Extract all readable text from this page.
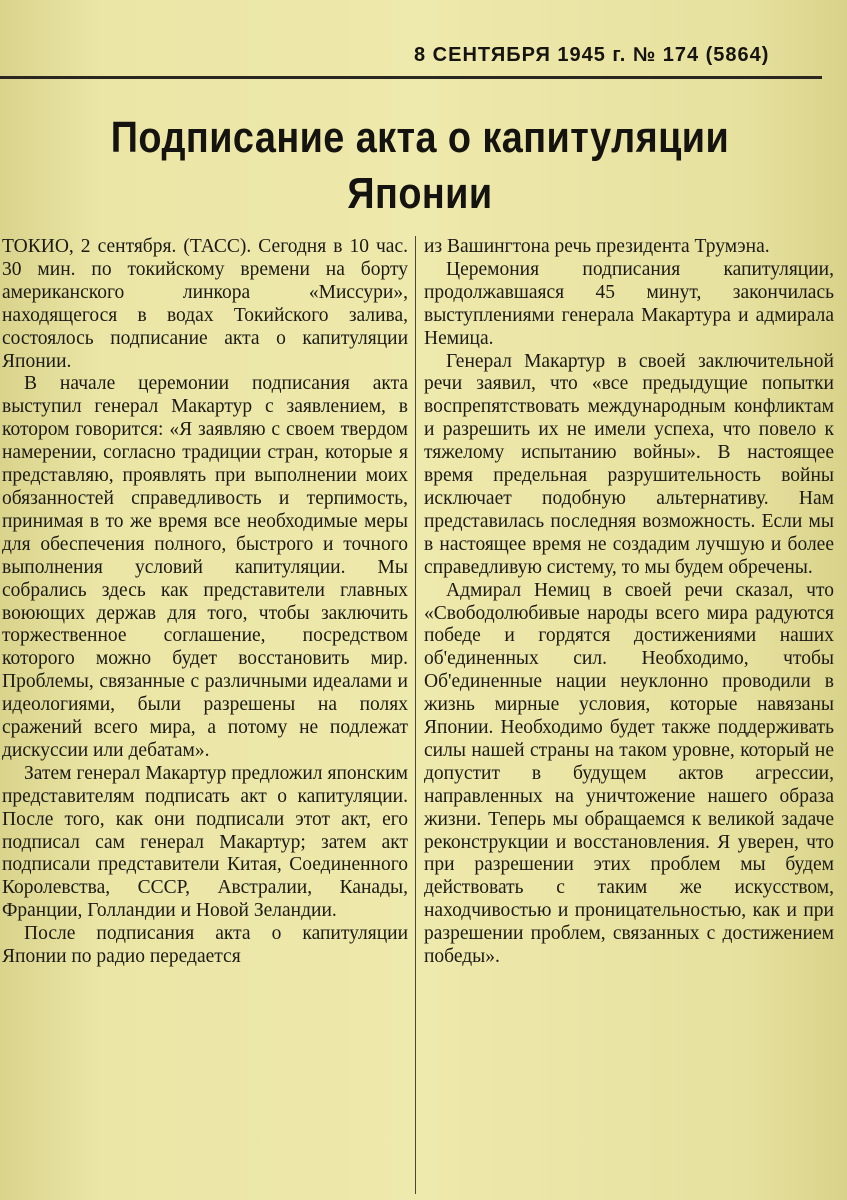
8 СЕНТЯБРЯ 1945 г. № 174 (5864)
Подписание акта о капитуляции Японии

ТОКИО, 2 сентября. (ТАСС). Сегодня в 10 час. 30 мин. по токийскому времени на борту американского линкора «Миссури», находящегося в водах Токийского залива, состоялось подписание акта о капитуляции Японии.

В начале церемонии подписания акта выступил генерал Макартур с заявлением, в котором говорится: «Я заявляю с своем твердом намерении, согласно традиции стран, которые я представляю, проявлять при выполнении моих обязанностей справедливость и терпимость, принимая в то же время все необходимые меры для обеспечения полного, быстрого и точного выполнения условий капитуляции. Мы собрались здесь как представители главных воюющих держав для того, чтобы заключить торжественное соглашение, посредством которого можно будет восстановить мир. Проблемы, связанные с различными идеалами и идеологиями, были разрешены на полях сражений всего мира, а потому не подлежат дискуссии или дебатам».

Затем генерал Макартур предложил японским представителям подписать акт о капитуляции. После того, как они подписали этот акт, его подписал сам генерал Макартур; затем акт подписали представители Китая, Соединенного Королевства, СССР, Австралии, Канады, Франции, Голландии и Новой Зеландии.

После подписания акта о капитуляции Японии по радио передается

из Вашингтона речь президента Трумэна.

Церемония подписания капитуляции, продолжавшаяся 45 минут, закончилась выступлениями генерала Макартура и адмирала Немица.

Генерал Макартур в своей заключительной речи заявил, что «все предыдущие попытки воспрепятствовать международным конфликтам и разрешить их не имели успеха, что повело к тяжелому испытанию войны». В настоящее время предельная разрушительность войны исключает подобную альтернативу. Нам представилась последняя возможность. Если мы в настоящее время не создадим лучшую и более справедливую систему, то мы будем обречены.

Адмирал Немиц в своей речи сказал, что «Свободолюбивые народы всего мира радуются победе и гордятся достижениями наших об'единенных сил. Необходимо, чтобы Об'единенные нации неуклонно проводили в жизнь мирные условия, которые навязаны Японии. Необходимо будет также поддерживать силы нашей страны на таком уровне, который не допустит в будущем актов агрессии, направленных на уничтожение нашего образа жизни. Теперь мы обращаемся к великой задаче реконструкции и восстановления. Я уверен, что при разрешении этих проблем мы будем действовать с таким же искусством, находчивостью и проницательностью, как и при разрешении проблем, связанных с достижением победы».
